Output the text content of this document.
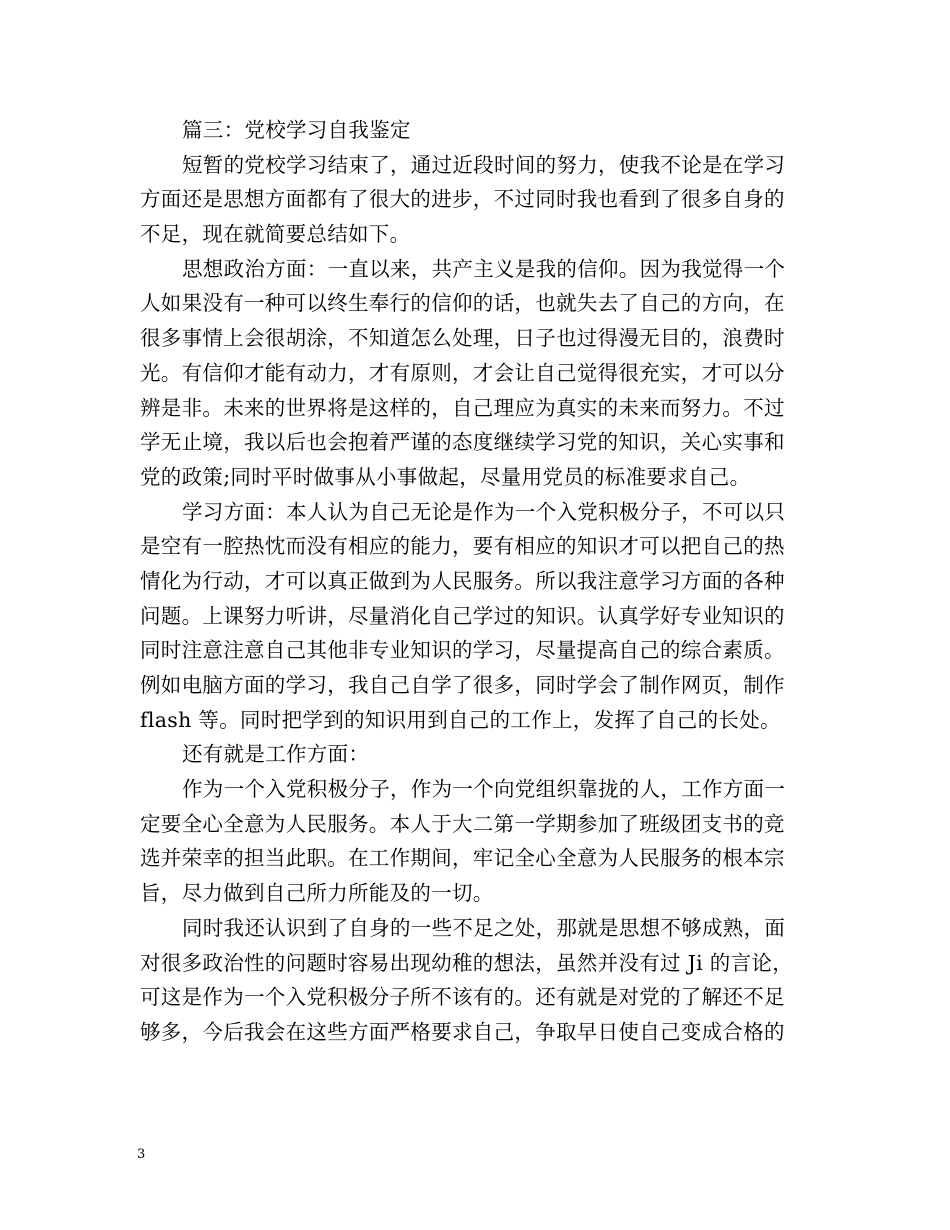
篇三：党校学习自我鉴定
短暂的党校学习结束了，通过近段时间的努力，使我不论是在学习
方面还是思想方面都有了很大的进步，不过同时我也看到了很多自身的
不足，现在就简要总结如下。
思想政治方面：一直以来，共产主义是我的信仰。因为我觉得一个
人如果没有一种可以终生奉行的信仰的话，也就失去了自己的方向，在
很多事情上会很胡涂，不知道怎么处理，日子也过得漫无目的，浪费时
光。有信仰才能有动力，才有原则，才会让自己觉得很充实，才可以分
辨是非。未来的世界将是这样的，自己理应为真实的未来而努力。不过
学无止境，我以后也会抱着严谨的态度继续学习党的知识，关心实事和
党的政策;同时平时做事从小事做起，尽量用党员的标准要求自己。
学习方面：本人认为自己无论是作为一个入党积极分子，不可以只
是空有一腔热忱而没有相应的能力，要有相应的知识才可以把自己的热
情化为行动，才可以真正做到为人民服务。所以我注意学习方面的各种
问题。上课努力听讲，尽量消化自己学过的知识。认真学好专业知识的
同时注意注意自己其他非专业知识的学习，尽量提高自己的综合素质。
例如电脑方面的学习，我自己自学了很多，同时学会了制作网页，制作
flash 等。同时把学到的知识用到自己的工作上，发挥了自己的长处。
还有就是工作方面：
作为一个入党积极分子，作为一个向党组织靠拢的人，工作方面一
定要全心全意为人民服务。本人于大二第一学期参加了班级团支书的竞
选并荣幸的担当此职。在工作期间，牢记全心全意为人民服务的根本宗
旨，尽力做到自己所力所能及的一切。
同时我还认识到了自身的一些不足之处，那就是思想不够成熟，面
对很多政治性的问题时容易出现幼稚的想法，虽然并没有过 Ji 的言论，
可这是作为一个入党积极分子所不该有的。还有就是对党的了解还不足
够多，今后我会在这些方面严格要求自己，争取早日使自己变成合格的
3
